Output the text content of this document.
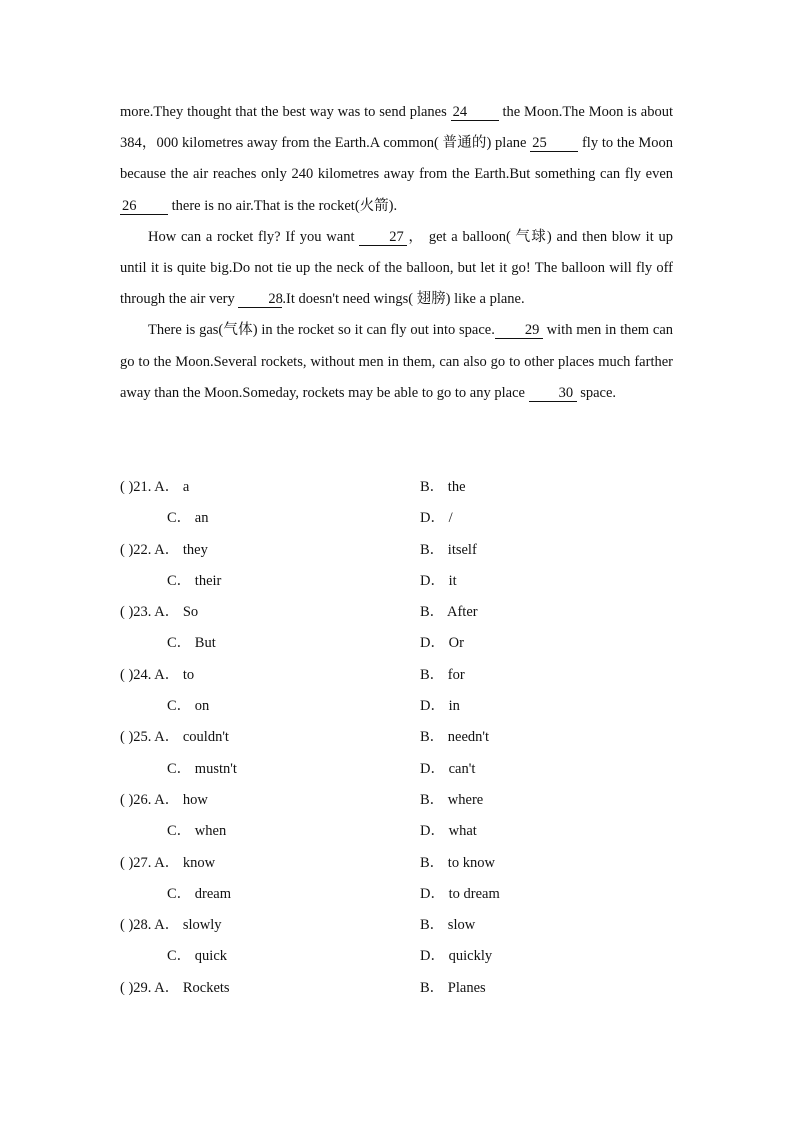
more.They thought that the best way was to send planes 24 the Moon.The Moon is about 384，000 kilometres away from the Earth.A common( 普通的) plane 25 fly to the Moon because the air reaches only 240 kilometres away from the Earth.But something can fly even 26 there is no air.That is the rocket(火箭).

How can a rocket fly? If you want 27 ， get a balloon( 气球) and then blow it up until it is quite big.Do not tie up the neck of the balloon, but let it go! The balloon will fly off through the air very 28.It doesn't need wings( 翅膀) like a plane.

There is gas(气体) in the rocket so it can fly out into space. 29 with men in them can go to the Moon.Several rockets, without men in them, can also go to other places much farther away than the Moon.Someday, rockets may be able to go to any place 30 space.

( )21. A． a	B． the
C． an	D． /
( )22. A． they	B． itself
C． their	D． it
( )23. A． So	B． After
C． But	D． Or
( )24. A． to	B． for
C． on	D． in
( )25. A． couldn't	B． needn't
C． mustn't	D． can't
( )26. A． how	B． where
C． when	D． what
( )27. A． know	B． to know
C． dream	D． to dream
( )28. A． slowly	B． slow
C． quick	D． quickly
( )29. A． Rockets	B． Planes
